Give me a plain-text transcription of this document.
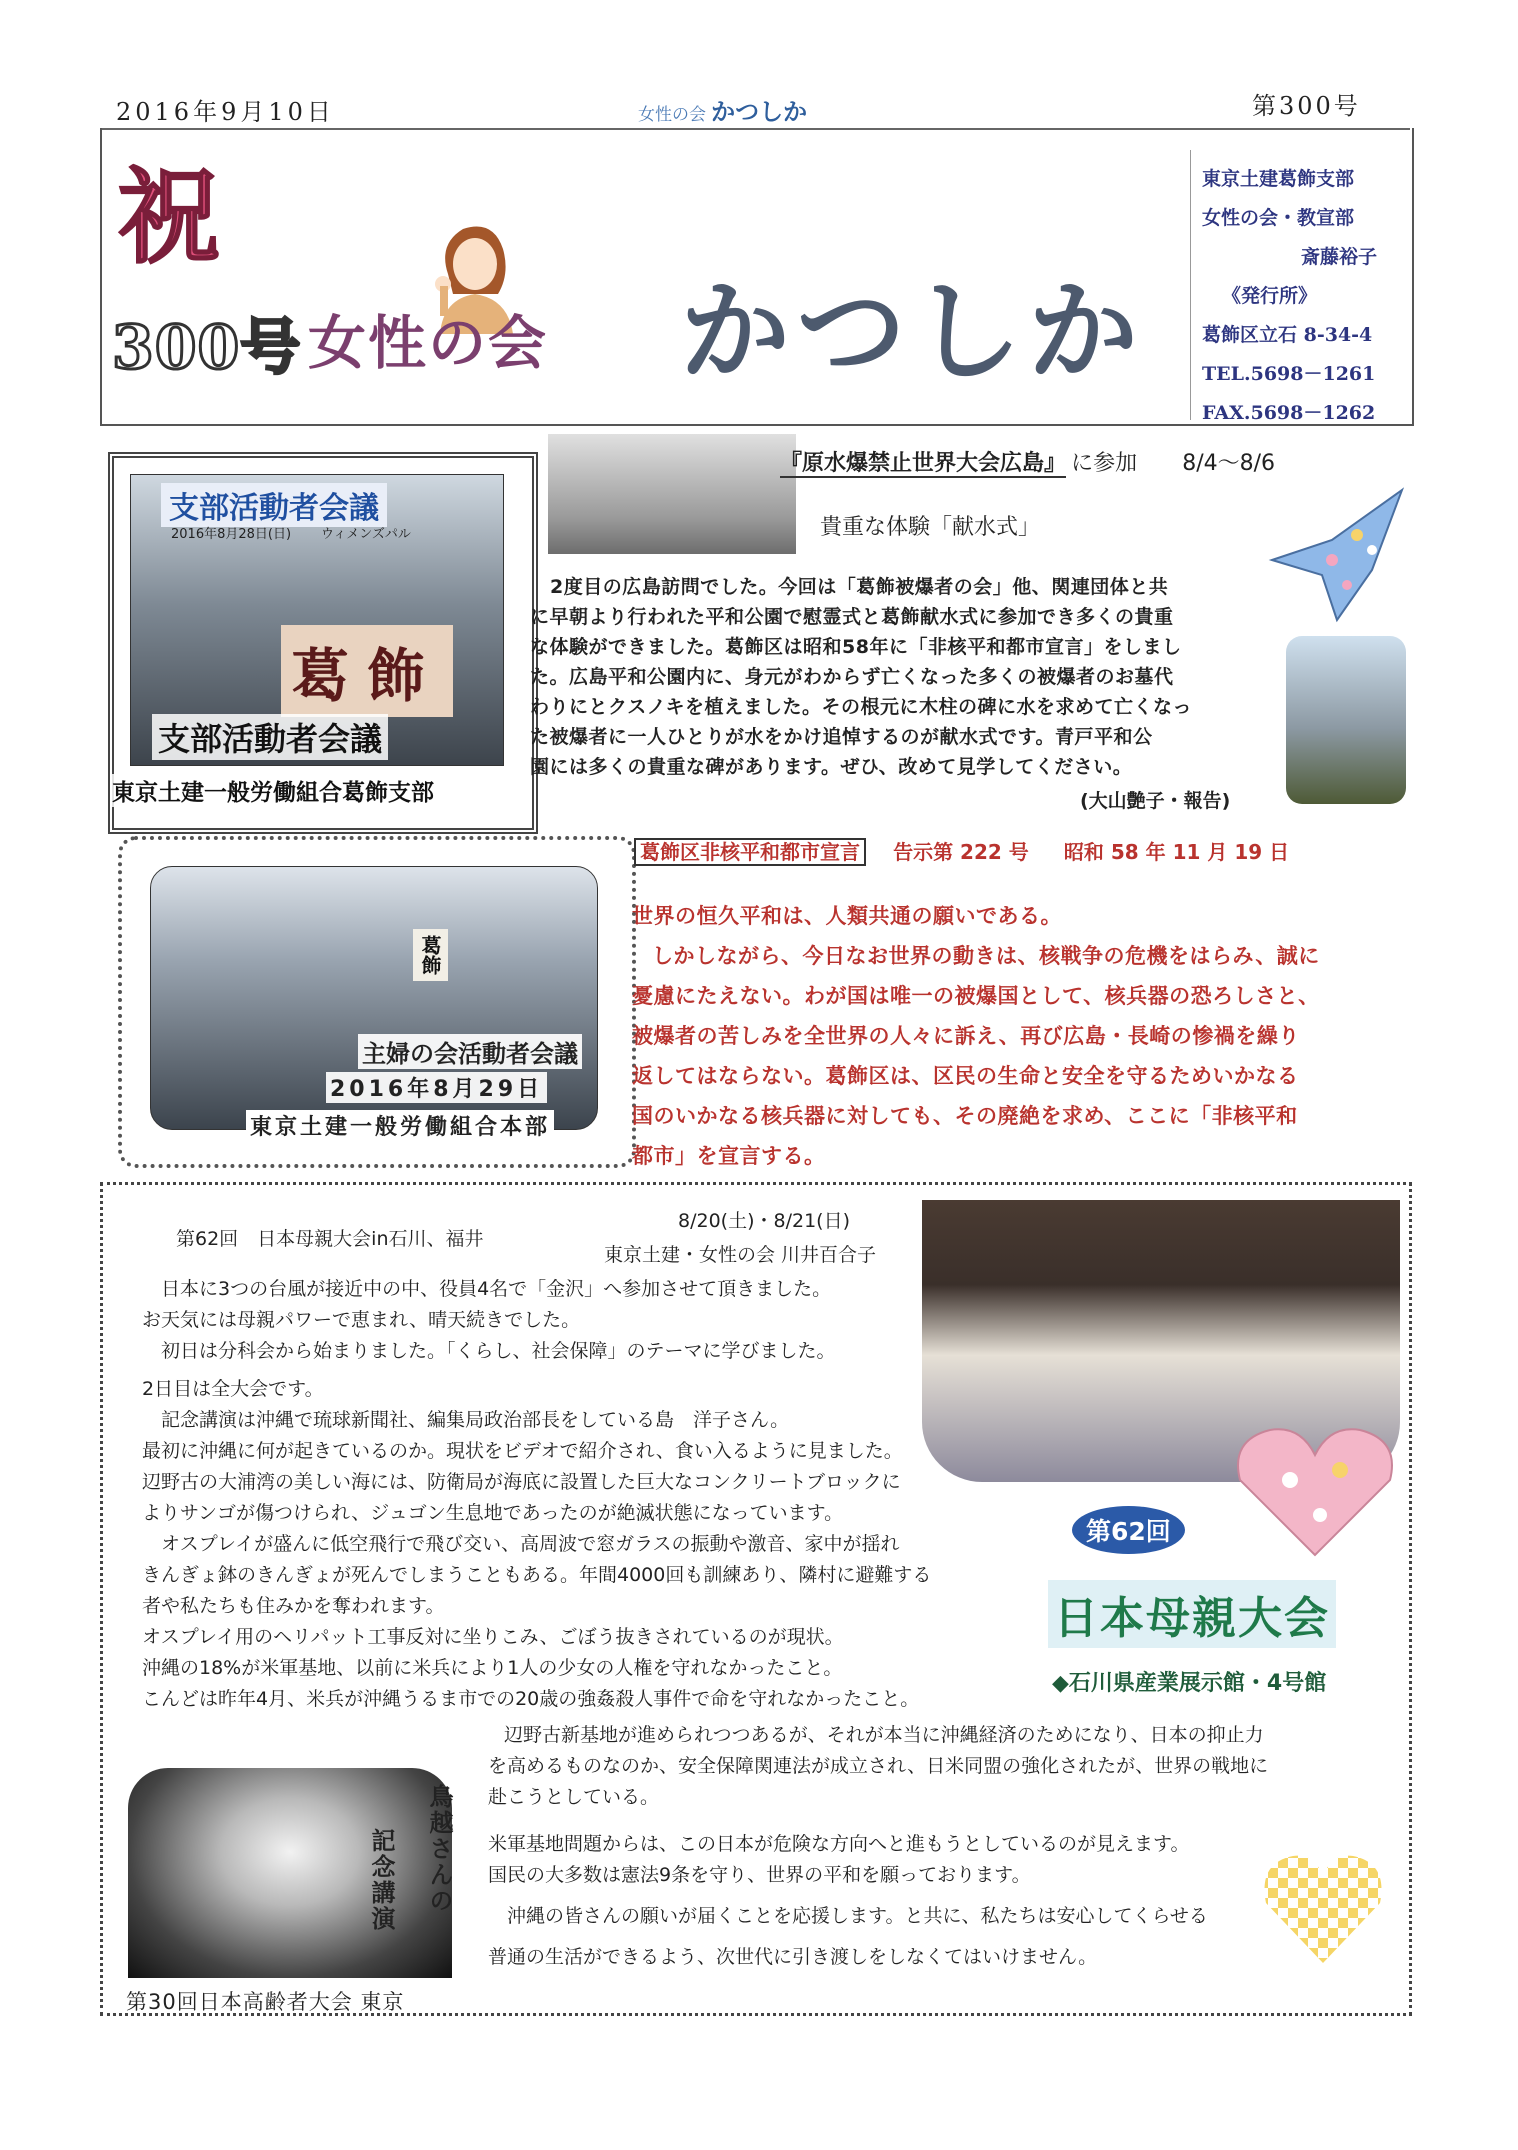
2016年9月10日	女性の会 かつしか	第300号
祝
300号 女性の会 かつしか
東京土建葛飾支部
女性の会・教宣部
斎藤裕子
《発行所》
葛飾区立石 8-34-4
TEL.5698－1261
FAX.5698－1262
支部活動者会議
2016年8月28日(日) ウィメンズパル
葛飾
支部活動者会議
東京土建一般労働組合葛飾支部
『原水爆禁止世界大会広島』 に参加 8/4～8/6
貴重な体験「献水式」
2度目の広島訪問でした。今回は「葛飾被爆者の会」他、関連団体と共
に早朝より行われた平和公園で慰霊式と葛飾献水式に参加でき多くの貴重
な体験ができました。葛飾区は昭和58年に「非核平和都市宣言」をしまし
た。広島平和公園内に、身元がわからず亡くなった多くの被爆者のお墓代
わりにとクスノキを植えました。その根元に木柱の碑に水を求めて亡くなっ
た被爆者に一人ひとりが水をかけ追悼するのが献水式です。青戸平和公
園には多くの貴重な碑があります。ぜひ、改めて見学してください。
(大山艶子・報告)
葛飾
主婦の会活動者会議
2016年8月29日
東京土建一般労働組合本部
葛飾区非核平和都市宣言 告示第 222 号 昭和 58 年 11 月 19 日
世界の恒久平和は、人類共通の願いである。
しかしながら、今日なお世界の動きは、核戦争の危機をはらみ、誠に
憂慮にたえない。わが国は唯一の被爆国として、核兵器の恐ろしさと、
被爆者の苦しみを全世界の人々に訴え、再び広島・長崎の惨禍を繰り
返してはならない。葛飾区は、区民の生命と安全を守るためいかなる
国のいかなる核兵器に対しても、その廃絶を求め、ここに「非核平和
都市」を宣言する。
第62回　日本母親大会in石川、福井
8/20(土)・8/21(日)
東京土建・女性の会 川井百合子
　日本に3つの台風が接近中の中、役員4名で「金沢」へ参加させて頂きました。
お天気には母親パワーで恵まれ、晴天続きでした。
　初日は分科会から始まりました。「くらし、社会保障」のテーマに学びました。
2日目は全大会です。
　記念講演は沖縄で琉球新聞社、編集局政治部長をしている島　洋子さん。
最初に沖縄に何が起きているのか。現状をビデオで紹介され、食い入るように見ました。
辺野古の大浦湾の美しい海には、防衛局が海底に設置した巨大なコンクリートブロックに
よりサンゴが傷つけられ、ジュゴン生息地であったのが絶滅状態になっています。
　オスプレイが盛んに低空飛行で飛び交い、高周波で窓ガラスの振動や激音、家中が揺れ
きんぎょ鉢のきんぎょが死んでしまうこともある。年間4000回も訓練あり、隣村に避難する
者や私たちも住みかを奪われます。
オスプレイ用のヘリパット工事反対に坐りこみ、ごぼう抜きされているのが現状。
沖縄の18%が米軍基地、以前に米兵により1人の少女の人権を守れなかったこと。
こんどは昨年4月、米兵が沖縄うるま市での20歳の強姦殺人事件で命を守れなかったこと。
第62回
日本母親大会
◆石川県産業展示館・4号館
鳥越さんの
記念講演
第30回日本高齢者大会 東京
辺野古新基地が進められつつあるが、それが本当に沖縄経済のためになり、日本の抑止力
を高めるものなのか、安全保障関連法が成立され、日米同盟の強化されたが、世界の戦地に
赴こうとしている。
米軍基地問題からは、この日本が危険な方向へと進もうとしているのが見えます。
国民の大多数は憲法9条を守り、世界の平和を願っております。
　沖縄の皆さんの願いが届くことを応援します。と共に、私たちは安心してくらせる
普通の生活ができるよう、次世代に引き渡しをしなくてはいけません。
